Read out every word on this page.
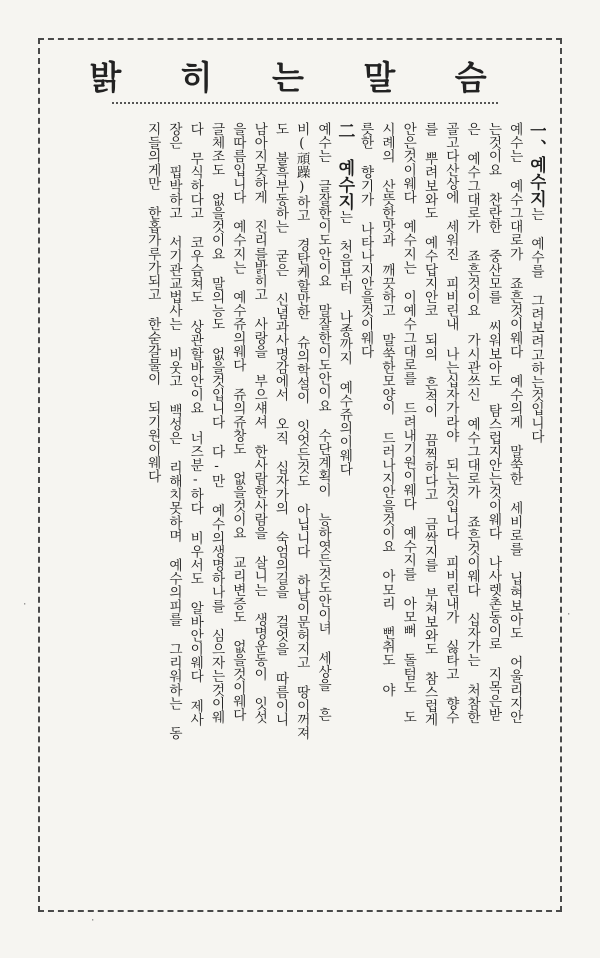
밝 히 는 말 슴

一、예수지는 예수를 그려보려고하는것입니다

예수는 예수그대로가 죠흔것이웨다 예수의게 말쑥한 세비로를 닙혀보아도 어울리지안

는것이요 찬란한 중산모를 씨워보아도 탐스럽지안는것이웨다 나사렛촌동이로 지목은받

은 예수그대로가 죠흔것이요 가시관쓰신 예수그대로가 죠흔것이웨다 십자가는 처참한

골고다산상에 세워진 피비린내 나는십자가라야 되는것입니다 피비린내가 싫타고 향수

를 뿌려보와도 예수답지안코 되의 흔적이 끔찍하다고 금싹지를 부쳐보와도 참스럽게

안은것이웨다 예수지는 이예수그대로를 드려내기원이웨다 예수지를 아모뻐 돌텀도 도

시례의 산뜻한맛과 깨끗하고 말쑥한모양이 드러나지안을것이요 아모리 뻔취도 야

릇한 향기가 나타나지안을것이웨다

二 예수지는 처음부터 나종까지 예수쥬의이웨다

예수는 글잘한이도안이요 말잘한이도안이요 수단계획이 능하엿든것도안이녀 세상을 흔

비(頑躁)하고 경탄케할만한 슈의학설이 잇엇든것도 아닙니다 하날이문허지고 땅이꺼져

도 불흑부동하는 굳은 신념과사명감에서 오직 십자가의 숙엄의길을 걸엇을 따름이니

남아지못하게 진리를밝히고 사랑을 부으섀셔 한사람한사람을 살니는 생명운동이 잇섯

을따름입니다 예수지는 예수쥬의웨다 쥬의쥬창도 없을것이요 교리변증도 없을것이웨다

글체조도 없을것이요 말의능도 없을것입니다 다-만 예수의생명하나를 심으자는것이웨

다 무식하다고 코우슴쳐도 상관할바안이요 너즈분-하다 비우서도 알바안이웨다 제사

장은 핍박하고 서기관교법사는 비웃고 백성은 리해치못하며 예수의피를 그리워하는 동

지들의게만 한홉가루가되고 한숟갈물이 되기원이웨다

·
·
·
